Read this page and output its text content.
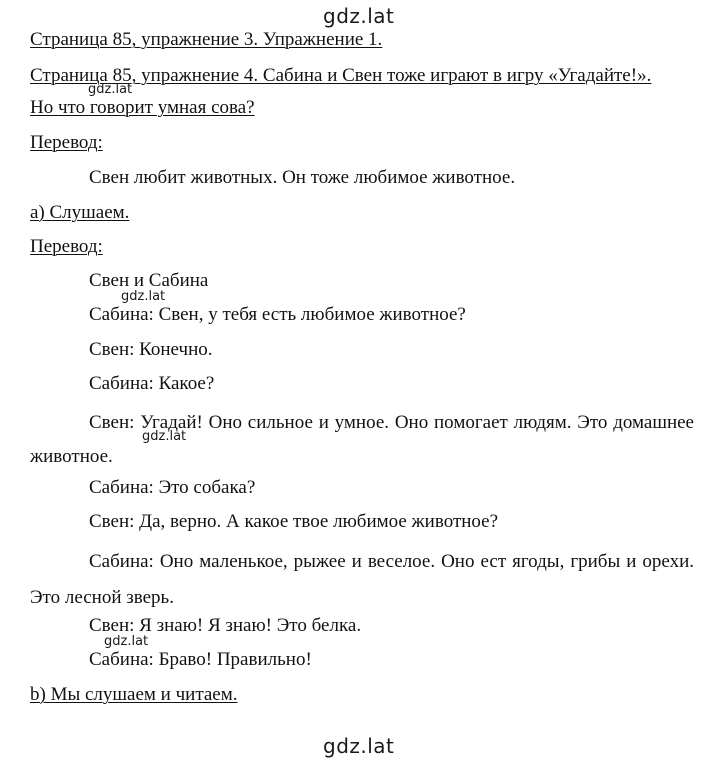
gdz.lat

Страница 85, упражнение 3. Упражнение 1.

Страница 85, упражнение 4. Сабина и Свен тоже играют в игру «Угадайте!».

Но что говорит умная сова?

gdz.lat

Перевод:

Свен любит животных. Он тоже любимое животное.

а) Слушаем.

Перевод:

Свен и Сабина

gdz.lat

Сабина: Свен, у тебя есть любимое животное?

Свен: Конечно.

Сабина: Какое?

Свен: Угадай! Оно сильное и умное. Оно помогает людям. Это домашнее животное.

gdz.lat

Сабина: Это собака?

Свен: Да, верно. А какое твое любимое животное?

Сабина: Оно маленькое, рыжее и веселое. Оно ест ягоды, грибы и орехи. Это лесной зверь.

Свен: Я знаю! Я знаю! Это белка.

gdz.lat

Сабина: Браво! Правильно!

b) Мы слушаем и читаем.

gdz.lat
